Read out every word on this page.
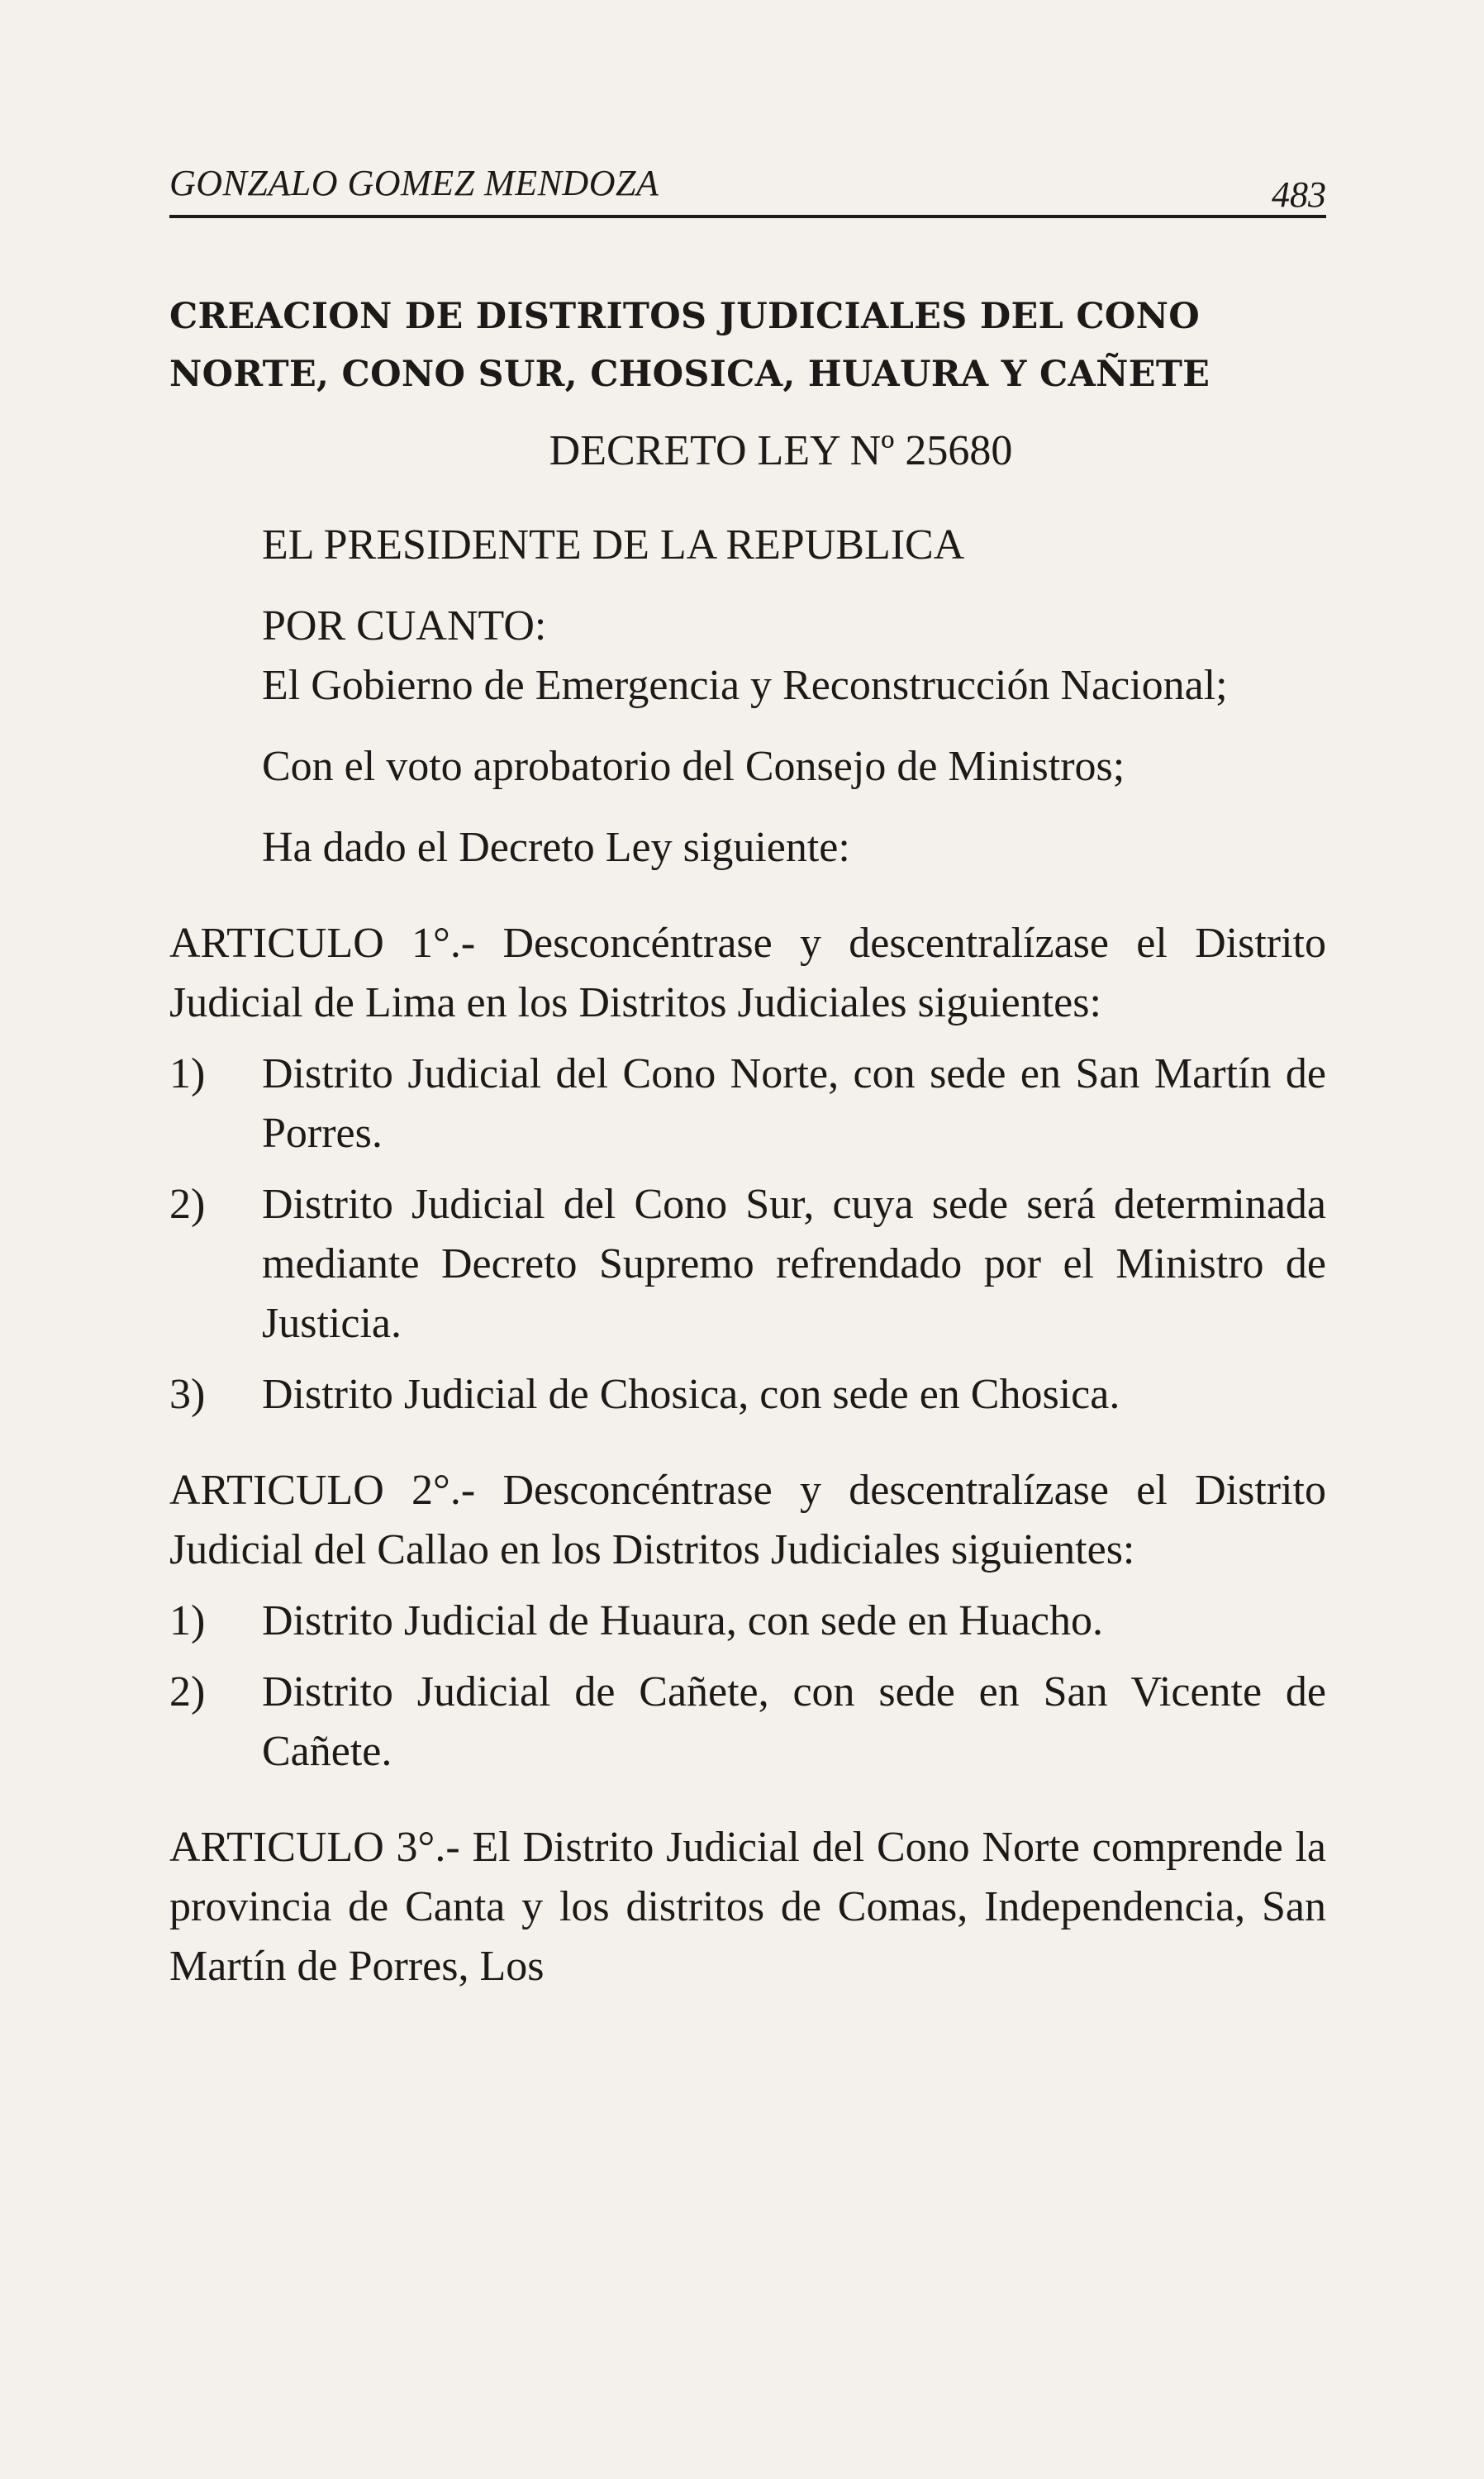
GONZALO GOMEZ MENDOZA	483
CREACION DE DISTRITOS JUDICIALES DEL CONO
NORTE, CONO SUR, CHOSICA, HUAURA Y CAÑETE
DECRETO LEY Nº 25680

EL PRESIDENTE DE LA REPUBLICA

POR CUANTO:

El Gobierno de Emergencia y Reconstrucción Nacional;

Con el voto aprobatorio del Consejo de Ministros;

Ha dado el Decreto Ley siguiente:

ARTICULO 1°.- Desconcéntrase y descentralízase el Distrito Judicial de Lima en los Distritos Judiciales siguientes:

1)	Distrito Judicial del Cono Norte, con sede en San Martín de Porres.
2)	Distrito Judicial del Cono Sur, cuya sede será determinada mediante Decreto Supremo refrendado por el Ministro de Justicia.
3)	Distrito Judicial de Chosica, con sede en Chosica.

ARTICULO 2°.- Desconcéntrase y descentralízase el Distrito Judicial del Callao en los Distritos Judiciales siguientes:

1)	Distrito Judicial de Huaura, con sede en Huacho.
2)	Distrito Judicial de Cañete, con sede en San Vicente de Cañete.

ARTICULO 3°.- El Distrito Judicial del Cono Norte comprende la provincia de Canta y los distritos de Comas, Independencia, San Martín de Porres, Los
